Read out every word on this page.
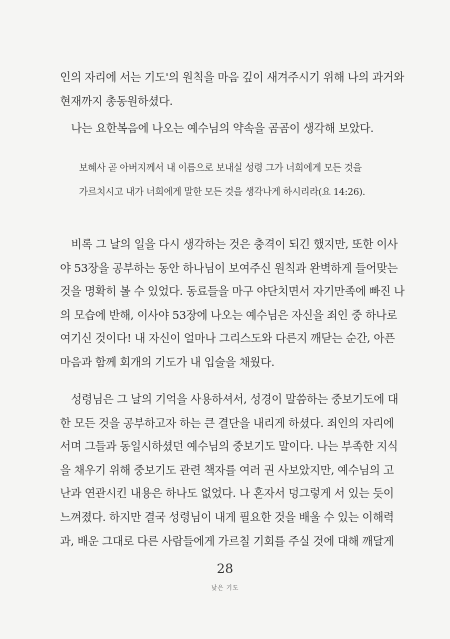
인의 자리에 서는 기도'의 원칙을 마음 깊이 새겨주시기 위해 나의 과거와

현재까지 총동원하셨다.

나는 요한복음에 나오는 예수님의 약속을 곰곰이 생각해 보았다.

보혜사 곧 아버지께서 내 이름으로 보내실 성령 그가 너희에게 모든 것을

가르치시고 내가 너희에게 말한 모든 것을 생각나게 하시리라(요 14:26).

비록 그 날의 일을 다시 생각하는 것은 충격이 되긴 했지만, 또한 이사

야 53장을 공부하는 동안 하나님이 보여주신 원칙과 완벽하게 들어맞는

것을 명확히 볼 수 있었다. 동료들을 마구 야단치면서 자기만족에 빠진 나

의 모습에 반해, 이사야 53장에 나오는 예수님은 자신을 죄인 중 하나로

여기신 것이다! 내 자신이 얼마나 그리스도와 다른지 깨닫는 순간, 아픈

마음과 함께 회개의 기도가 내 입술을 채웠다.

성령님은 그 날의 기억을 사용하셔서, 성경이 말씀하는 중보기도에 대

한 모든 것을 공부하고자 하는 큰 결단을 내리게 하셨다. 죄인의 자리에

서며 그들과 동일시하셨던 예수님의 중보기도 말이다. 나는 부족한 지식

을 채우기 위해 중보기도 관련 책자를 여러 권 사보았지만, 예수님의 고

난과 연관시킨 내용은 하나도 없었다. 나 혼자서 덩그렇게 서 있는 듯이

느껴졌다. 하지만 결국 성령님이 내게 필요한 것을 배울 수 있는 이해력

과, 배운 그대로 다른 사람들에게 가르칠 기회를 주실 것에 대해 깨달게

28
낮은 기도
